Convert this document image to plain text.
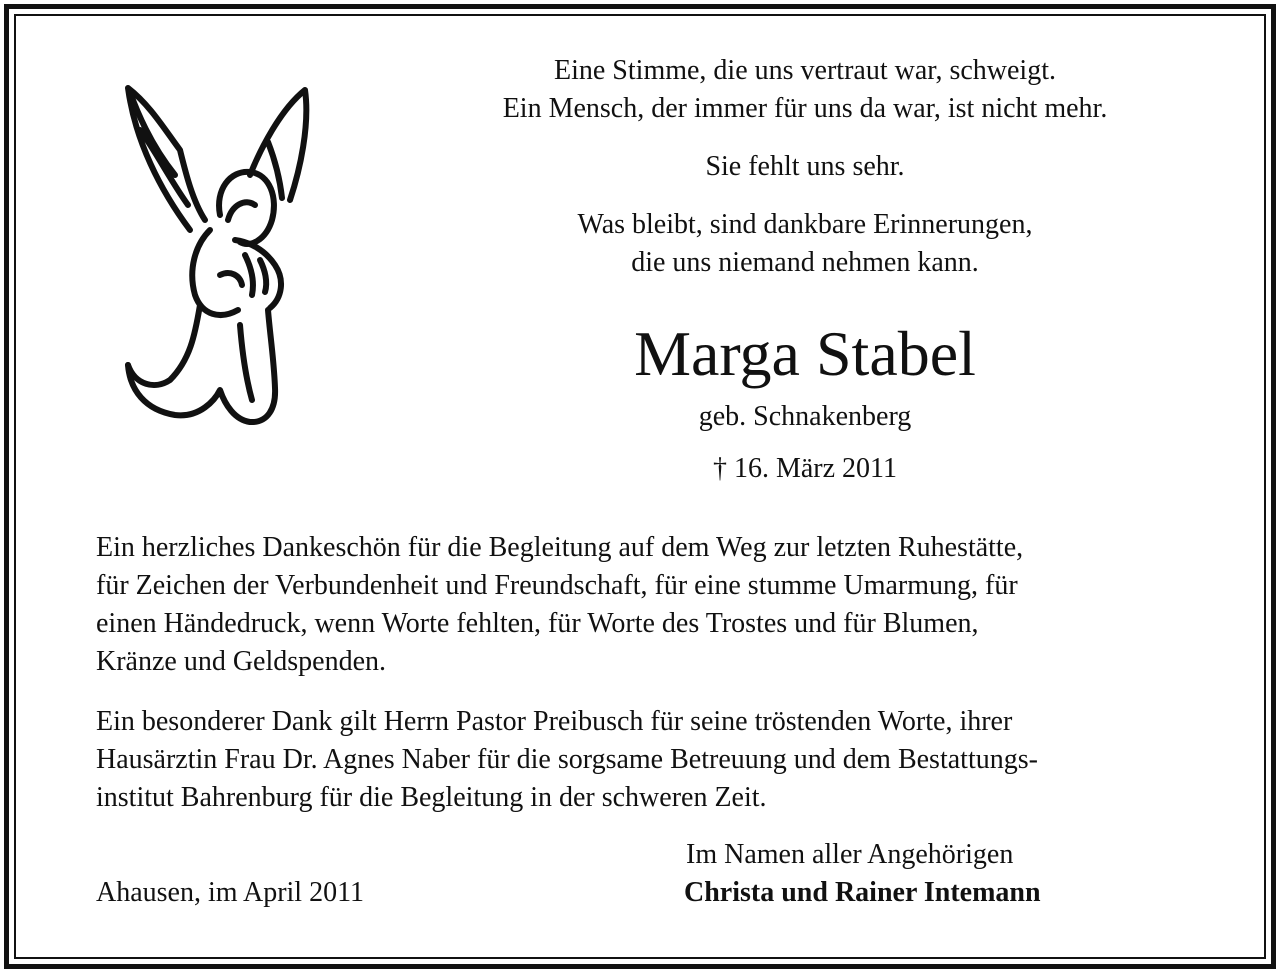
Eine Stimme, die uns vertraut war, schweigt.
Ein Mensch, der immer für uns da war, ist nicht mehr.

Sie fehlt uns sehr.

Was bleibt, sind dankbare Erinnerungen,
die uns niemand nehmen kann.

Marga Stabel

geb. Schnakenberg

† 16. März 2011

Ein herzliches Dankeschön für die Begleitung auf dem Weg zur letzten Ruhestätte,
für Zeichen der Verbundenheit und Freundschaft, für eine stumme Umarmung, für
einen Händedruck, wenn Worte fehlten, für Worte des Trostes und für Blumen,
Kränze und Geldspenden.

Ein besonderer Dank gilt Herrn Pastor Preibusch für seine tröstenden Worte, ihrer
Hausärztin Frau Dr. Agnes Naber für die sorgsame Betreuung und dem Bestattungs-
institut Bahrenburg für die Begleitung in der schweren Zeit.

Im Namen aller Angehörigen

Ahausen, im April 2011	Christa und Rainer Intemann
